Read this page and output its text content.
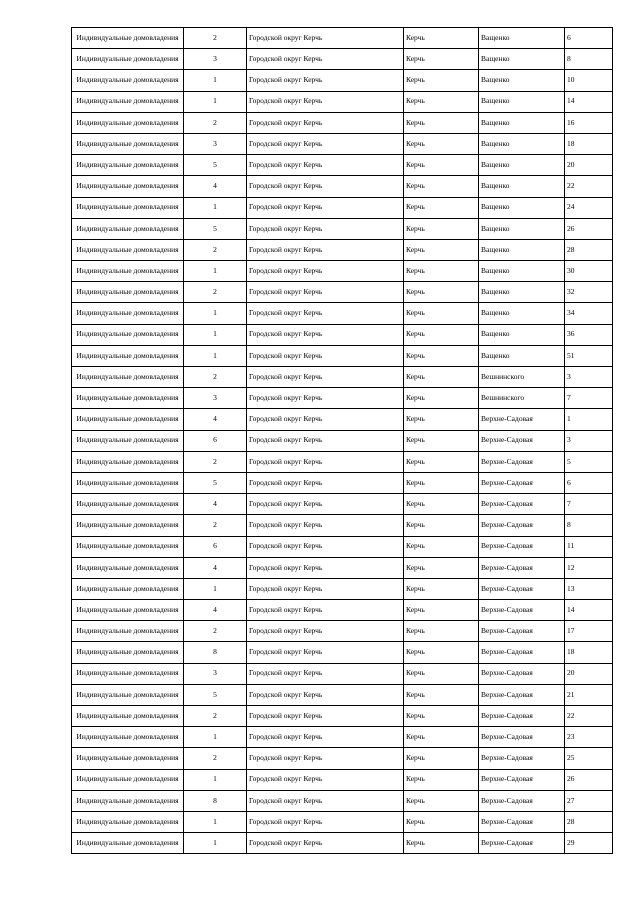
Индивидуальные домовладения	2	Городской округ Керчь	Керчь	Ващенко	6
Индивидуальные домовладения	3	Городской округ Керчь	Керчь	Ващенко	8
Индивидуальные домовладения	1	Городской округ Керчь	Керчь	Ващенко	10
Индивидуальные домовладения	1	Городской округ Керчь	Керчь	Ващенко	14
Индивидуальные домовладения	2	Городской округ Керчь	Керчь	Ващенко	16
Индивидуальные домовладения	3	Городской округ Керчь	Керчь	Ващенко	18
Индивидуальные домовладения	5	Городской округ Керчь	Керчь	Ващенко	20
Индивидуальные домовладения	4	Городской округ Керчь	Керчь	Ващенко	22
Индивидуальные домовладения	1	Городской округ Керчь	Керчь	Ващенко	24
Индивидуальные домовладения	5	Городской округ Керчь	Керчь	Ващенко	26
Индивидуальные домовладения	2	Городской округ Керчь	Керчь	Ващенко	28
Индивидуальные домовладения	1	Городской округ Керчь	Керчь	Ващенко	30
Индивидуальные домовладения	2	Городской округ Керчь	Керчь	Ващенко	32
Индивидуальные домовладения	1	Городской округ Керчь	Керчь	Ващенко	34
Индивидуальные домовладения	1	Городской округ Керчь	Керчь	Ващенко	36
Индивидуальные домовладения	1	Городской округ Керчь	Керчь	Ващенко	51
Индивидуальные домовладения	2	Городской округ Керчь	Керчь	Вешнинского	3
Индивидуальные домовладения	3	Городской округ Керчь	Керчь	Вешнинского	7
Индивидуальные домовладения	4	Городской округ Керчь	Керчь	Верхне-Садовая	1
Индивидуальные домовладения	6	Городской округ Керчь	Керчь	Верхне-Садовая	3
Индивидуальные домовладения	2	Городской округ Керчь	Керчь	Верхне-Садовая	5
Индивидуальные домовладения	5	Городской округ Керчь	Керчь	Верхне-Садовая	6
Индивидуальные домовладения	4	Городской округ Керчь	Керчь	Верхне-Садовая	7
Индивидуальные домовладения	2	Городской округ Керчь	Керчь	Верхне-Садовая	8
Индивидуальные домовладения	6	Городской округ Керчь	Керчь	Верхне-Садовая	11
Индивидуальные домовладения	4	Городской округ Керчь	Керчь	Верхне-Садовая	12
Индивидуальные домовладения	1	Городской округ Керчь	Керчь	Верхне-Садовая	13
Индивидуальные домовладения	4	Городской округ Керчь	Керчь	Верхне-Садовая	14
Индивидуальные домовладения	2	Городской округ Керчь	Керчь	Верхне-Садовая	17
Индивидуальные домовладения	8	Городской округ Керчь	Керчь	Верхне-Садовая	18
Индивидуальные домовладения	3	Городской округ Керчь	Керчь	Верхне-Садовая	20
Индивидуальные домовладения	5	Городской округ Керчь	Керчь	Верхне-Садовая	21
Индивидуальные домовладения	2	Городской округ Керчь	Керчь	Верхне-Садовая	22
Индивидуальные домовладения	1	Городской округ Керчь	Керчь	Верхне-Садовая	23
Индивидуальные домовладения	2	Городской округ Керчь	Керчь	Верхне-Садовая	25
Индивидуальные домовладения	1	Городской округ Керчь	Керчь	Верхне-Садовая	26
Индивидуальные домовладения	8	Городской округ Керчь	Керчь	Верхне-Садовая	27
Индивидуальные домовладения	1	Городской округ Керчь	Керчь	Верхне-Садовая	28
Индивидуальные домовладения	1	Городской округ Керчь	Керчь	Верхне-Садовая	29
